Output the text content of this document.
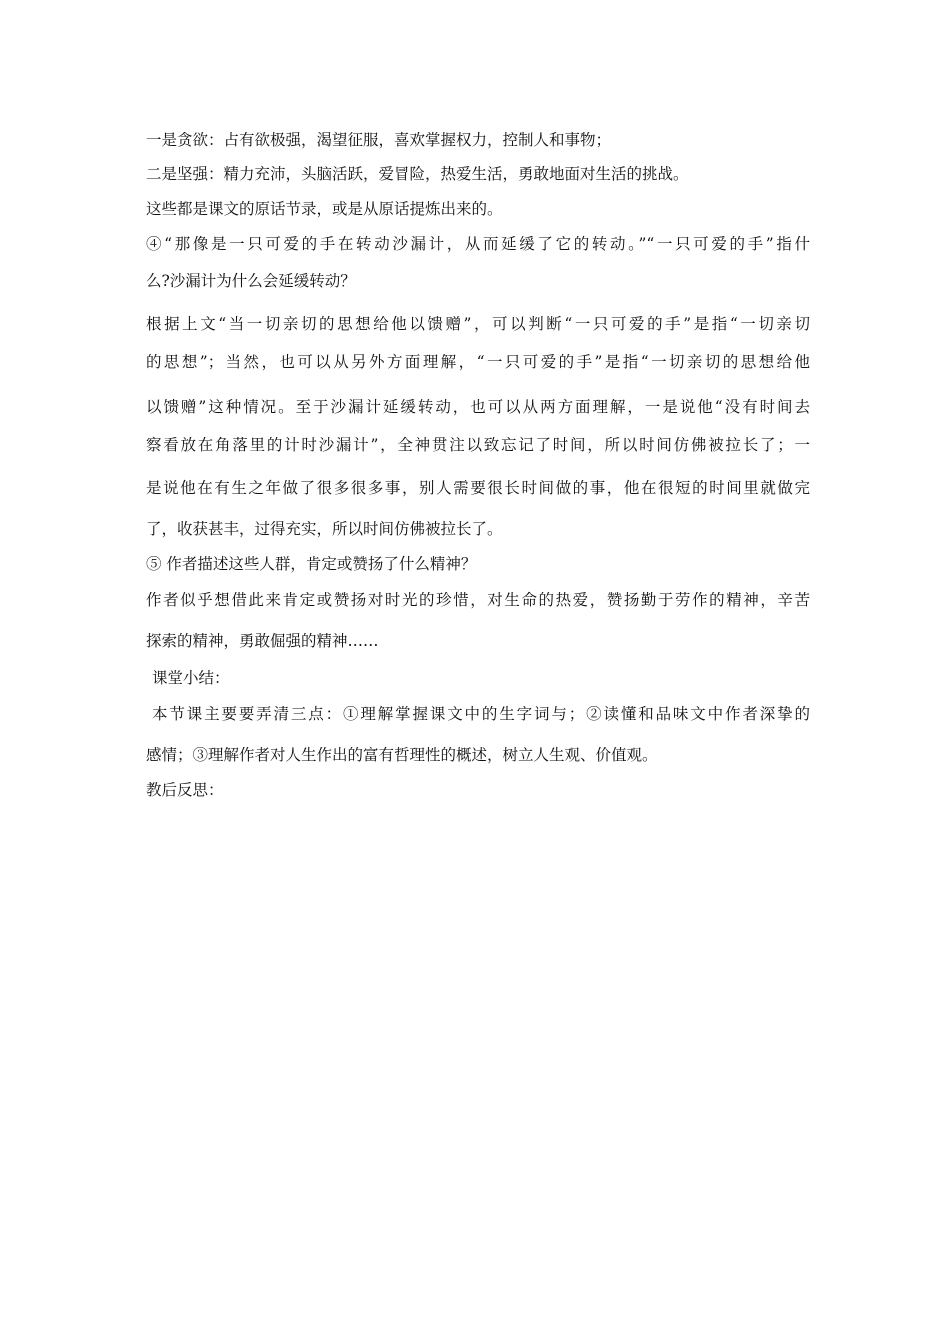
一是贪欲：占有欲极强，渴望征服，喜欢掌握权力，控制人和事物；
二是坚强：精力充沛，头脑活跃，爱冒险，热爱生活，勇敢地面对生活的挑战。
这些都是课文的原话节录，或是从原话提炼出来的。
④“那像是一只可爱的手在转动沙漏计，从而延缓了它的转动。”“一只可爱的手”指什
么?沙漏计为什么会延缓转动？
根据上文“当一切亲切的思想给他以馈赠”，可以判断“一只可爱的手”是指“一切亲切
的思想”；当然，也可以从另外方面理解，“一只可爱的手”是指“一切亲切的思想给他
以馈赠”这种情况。至于沙漏计延缓转动，也可以从两方面理解，一是说他“没有时间去
察看放在角落里的计时沙漏计”，全神贯注以致忘记了时间，所以时间仿佛被拉长了；一
是说他在有生之年做了很多很多事，别人需要很长时间做的事，他在很短的时间里就做完
了，收获甚丰，过得充实，所以时间仿佛被拉长了。
⑤ 作者描述这些人群，肯定或赞扬了什么精神？
作者似乎想借此来肯定或赞扬对时光的珍惜，对生命的热爱，赞扬勤于劳作的精神，辛苦
探索的精神，勇敢倔强的精神……
课堂小结：
本节课主要要弄清三点：①理解掌握课文中的生字词与；②读懂和品味文中作者深挚的
感情；③理解作者对人生作出的富有哲理性的概述，树立人生观、价值观。
教后反思：
